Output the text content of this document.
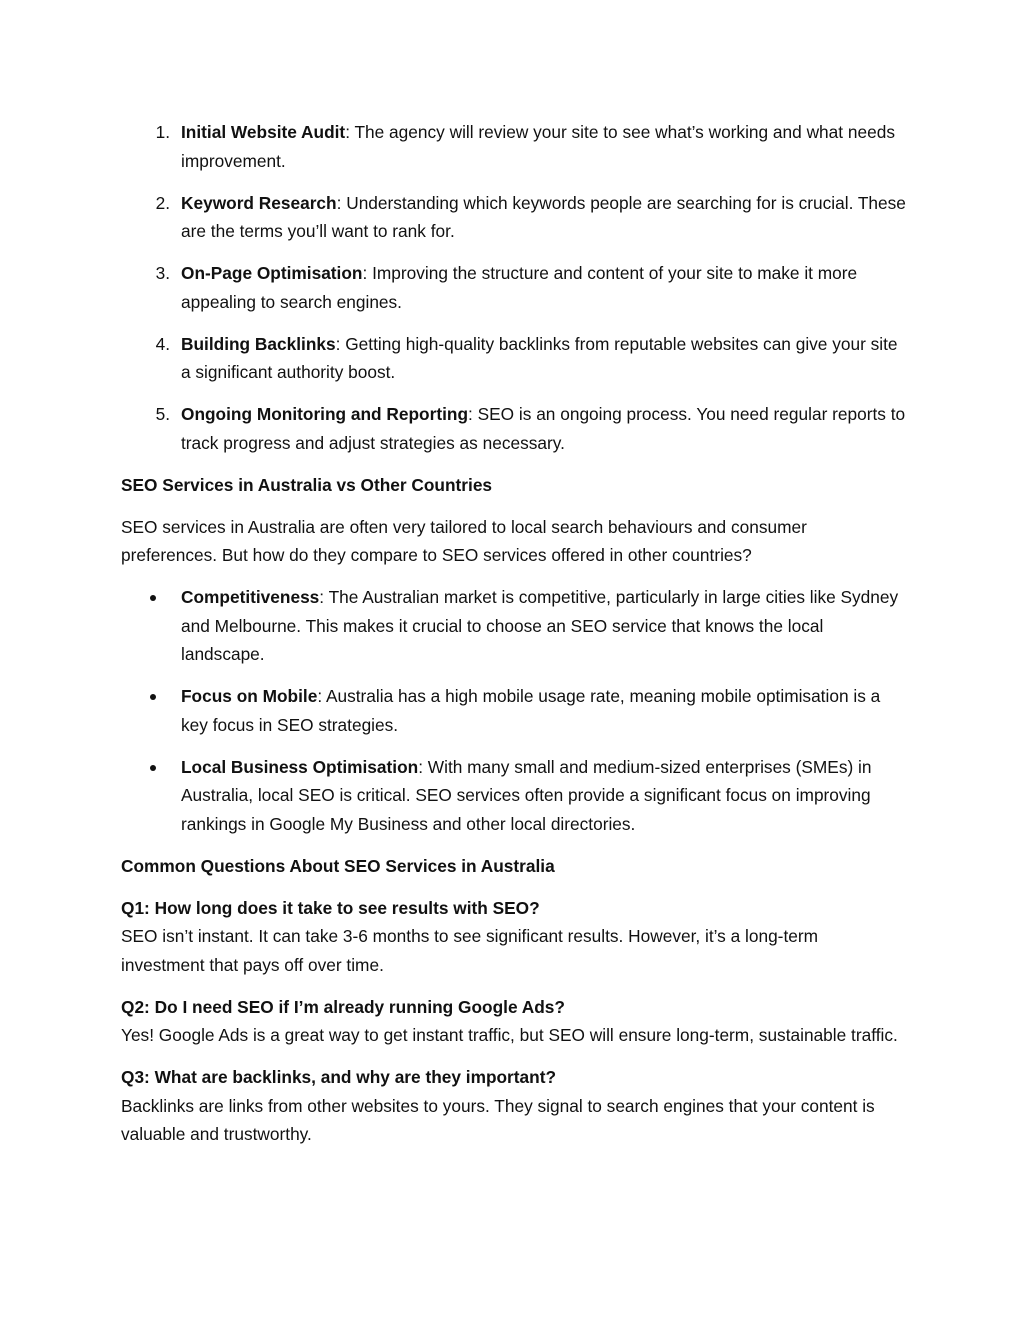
1. Initial Website Audit: The agency will review your site to see what’s working and what needs improvement.

2. Keyword Research: Understanding which keywords people are searching for is crucial. These are the terms you’ll want to rank for.

3. On-Page Optimisation: Improving the structure and content of your site to make it more appealing to search engines.

4. Building Backlinks: Getting high-quality backlinks from reputable websites can give your site a significant authority boost.

5. Ongoing Monitoring and Reporting: SEO is an ongoing process. You need regular reports to track progress and adjust strategies as necessary.

SEO Services in Australia vs Other Countries

SEO services in Australia are often very tailored to local search behaviours and consumer preferences. But how do they compare to SEO services offered in other countries?

Competitiveness: The Australian market is competitive, particularly in large cities like Sydney and Melbourne. This makes it crucial to choose an SEO service that knows the local landscape.

Focus on Mobile: Australia has a high mobile usage rate, meaning mobile optimisation is a key focus in SEO strategies.

Local Business Optimisation: With many small and medium-sized enterprises (SMEs) in Australia, local SEO is critical. SEO services often provide a significant focus on improving rankings in Google My Business and other local directories.

Common Questions About SEO Services in Australia

Q1: How long does it take to see results with SEO?
SEO isn’t instant. It can take 3-6 months to see significant results. However, it’s a long-term investment that pays off over time.
Q2: Do I need SEO if I’m already running Google Ads?
Yes! Google Ads is a great way to get instant traffic, but SEO will ensure long-term, sustainable traffic.
Q3: What are backlinks, and why are they important?
Backlinks are links from other websites to yours. They signal to search engines that your content is valuable and trustworthy.
